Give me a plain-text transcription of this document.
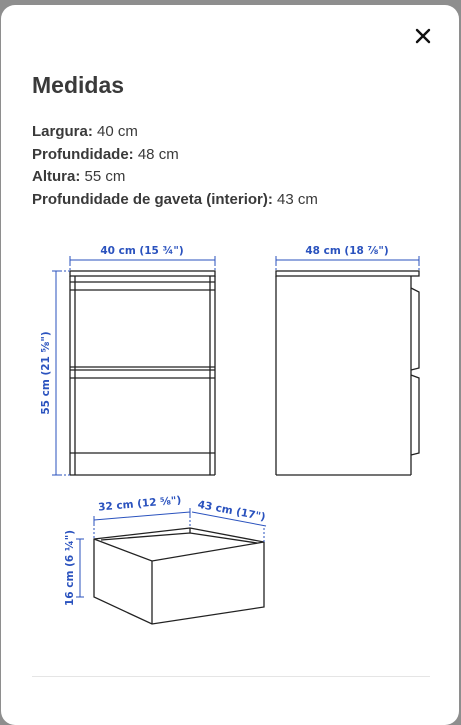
Medidas
Largura: 40 cm
Profundidade: 48 cm
Altura: 55 cm
Profundidade de gaveta (interior): 43 cm
40 cm (15 ¾")	48 cm (18 ⅞")
55 cm (21 ⅝")
32 cm (12 ⅝") 43 cm (17")
16 cm (6 ¼")
